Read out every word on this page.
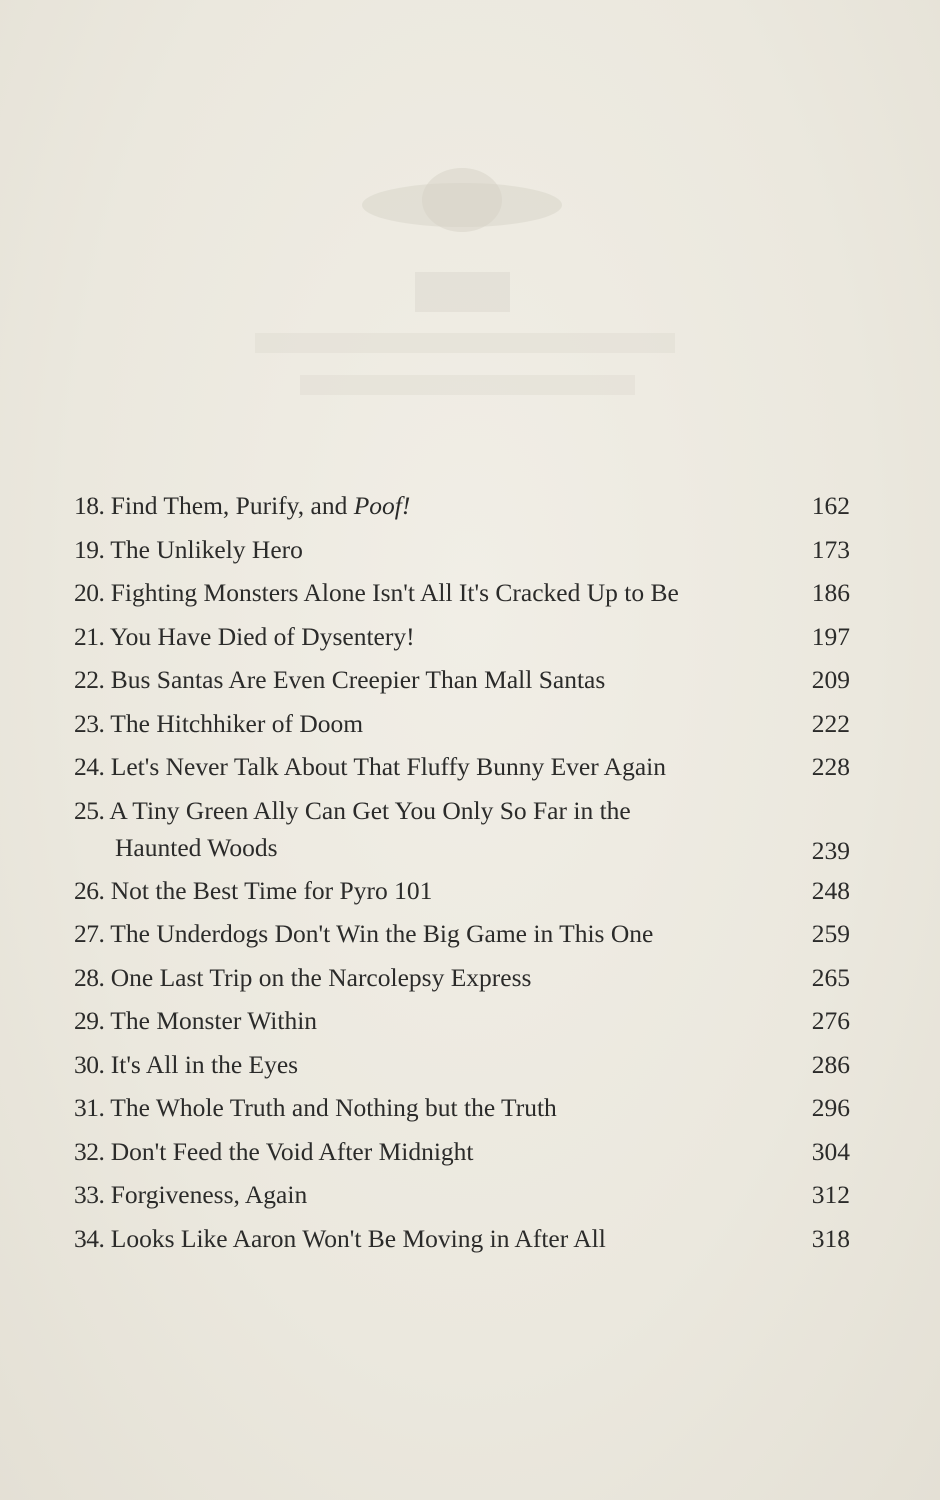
18. Find Them, Purify, and Poof!	162
19. The Unlikely Hero	173
20. Fighting Monsters Alone Isn't All It's Cracked Up to Be	186
21. You Have Died of Dysentery!	197
22. Bus Santas Are Even Creepier Than Mall Santas	209
23. The Hitchhiker of Doom	222
24. Let's Never Talk About That Fluffy Bunny Ever Again	228
25. A Tiny Green Ally Can Get You Only So Far in the
Haunted Woods	239
26. Not the Best Time for Pyro 101	248
27. The Underdogs Don't Win the Big Game in This One	259
28. One Last Trip on the Narcolepsy Express	265
29. The Monster Within	276
30. It's All in the Eyes	286
31. The Whole Truth and Nothing but the Truth	296
32. Don't Feed the Void After Midnight	304
33. Forgiveness, Again	312
34. Looks Like Aaron Won't Be Moving in After All	318
